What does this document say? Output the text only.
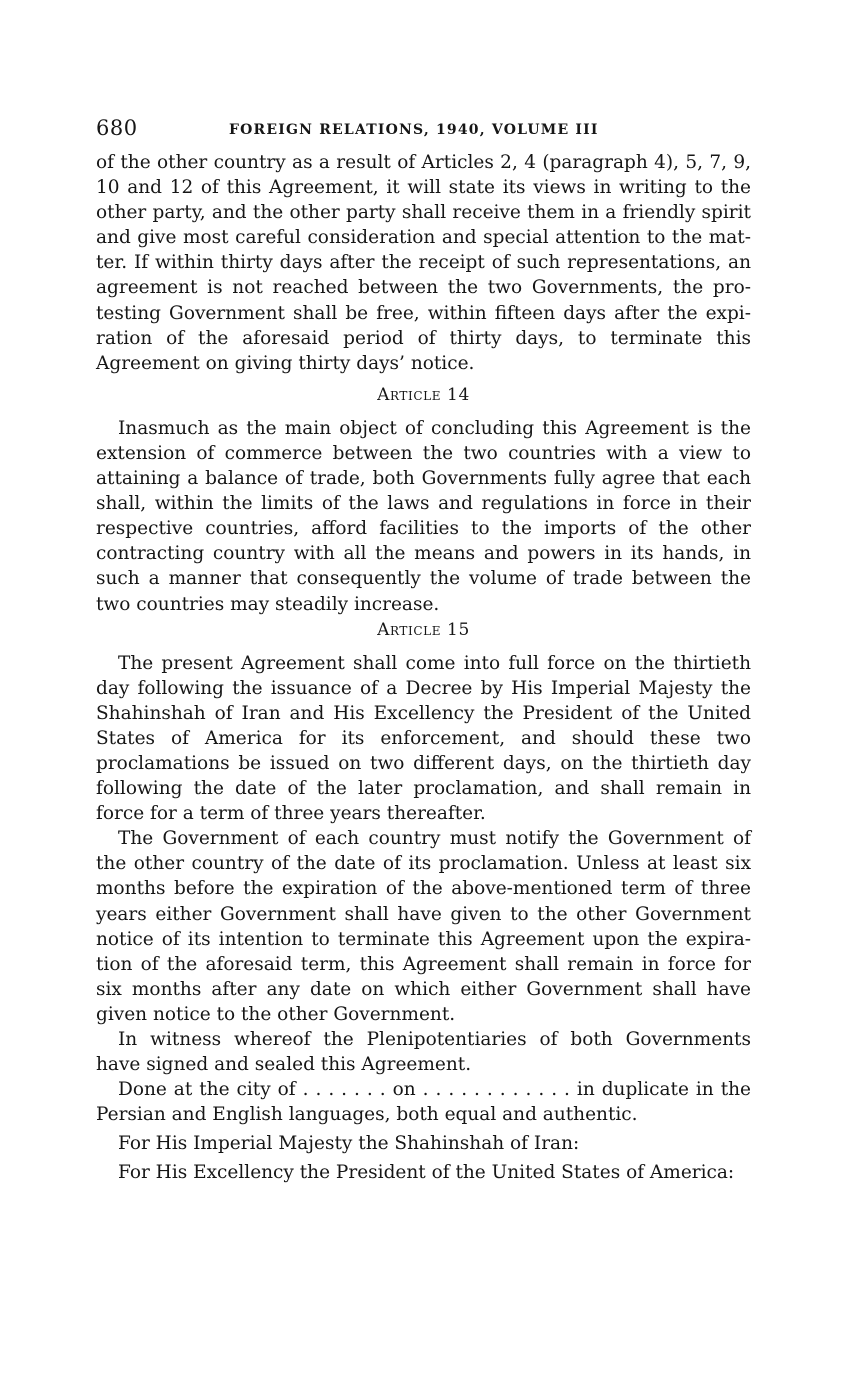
680	FOREIGN RELATIONS, 1940, VOLUME III

of the other country as a result of Articles 2, 4 (paragraph 4), 5, 7, 9, 10 and 12 of this Agreement, it will state its views in writing to the other party, and the other party shall receive them in a friendly spirit and give most careful consideration and special attention to the matter. If within thirty days after the receipt of such representations, an agreement is not reached between the two Governments, the protesting Government shall be free, within fifteen days after the expiration of the aforesaid period of thirty days, to terminate this Agreement on giving thirty days’ notice.

Article 14

Inasmuch as the main object of concluding this Agreement is the extension of commerce between the two countries with a view to attaining a balance of trade, both Governments fully agree that each shall, within the limits of the laws and regulations in force in their respective countries, afford facilities to the imports of the other contracting country with all the means and powers in its hands, in such a manner that consequently the volume of trade between the two countries may steadily increase.

Article 15

The present Agreement shall come into full force on the thirtieth day following the issuance of a Decree by His Imperial Majesty the Shahinshah of Iran and His Excellency the President of the United States of America for its enforcement, and should these two proclamations be issued on two different days, on the thirtieth day following the date of the later proclamation, and shall remain in force for a term of three years thereafter.

The Government of each country must notify the Government of the other country of the date of its proclamation. Unless at least six months before the expiration of the above-mentioned term of three years either Government shall have given to the other Government notice of its intention to terminate this Agreement upon the expiration of the aforesaid term, this Agreement shall remain in force for six months after any date on which either Government shall have given notice to the other Government.

In witness whereof the Plenipotentiaries of both Governments have signed and sealed this Agreement.

Done at the city of . . . . . . . on . . . . . . . . . . . . in duplicate in the Persian and English languages, both equal and authentic.

For His Imperial Majesty the Shahinshah of Iran:

For His Excellency the President of the United States of America:
